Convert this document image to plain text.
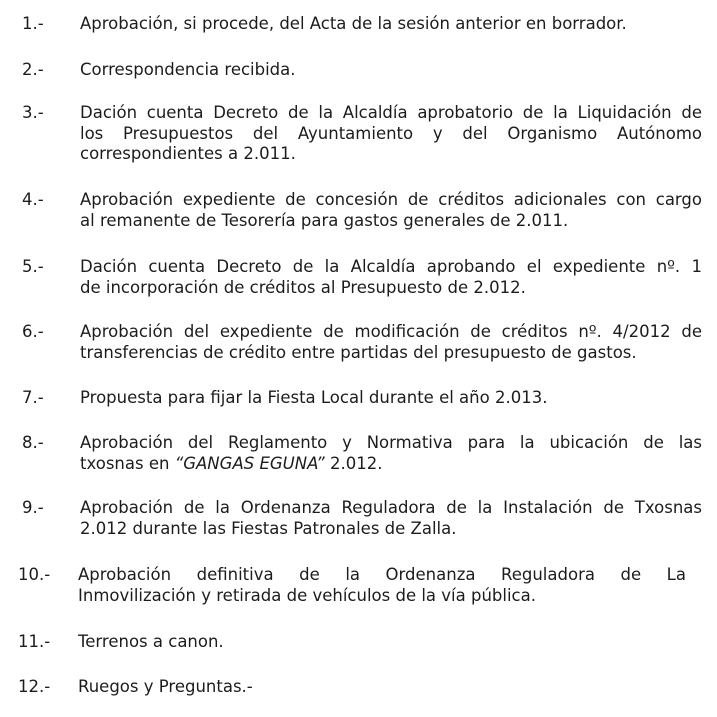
1.- Aprobación, si procede, del Acta de la sesión anterior en borrador.
2.- Correspondencia recibida.
3.- Dación cuenta Decreto de la Alcaldía aprobatorio de la Liquidación de
los Presupuestos del Ayuntamiento y del Organismo Autónomo
correspondientes a 2.011.
4.- Aprobación expediente de concesión de créditos adicionales con cargo
al remanente de Tesorería para gastos generales de 2.011.
5.- Dación cuenta Decreto de la Alcaldía aprobando el expediente nº. 1
de incorporación de créditos al Presupuesto de 2.012.
6.- Aprobación del expediente de modificación de créditos nº. 4/2012 de
transferencias de crédito entre partidas del presupuesto de gastos.
7.- Propuesta para fijar la Fiesta Local durante el año 2.013.
8.- Aprobación del Reglamento y Normativa para la ubicación de las
txosnas en “GANGAS EGUNA” 2.012.
9.- Aprobación de la Ordenanza Reguladora de la Instalación de Txosnas
2.012 durante las Fiestas Patronales de Zalla.
10.- Aprobación definitiva de la Ordenanza Reguladora de La
Inmovilización y retirada de vehículos de la vía pública.
11.- Terrenos a canon.
12.- Ruegos y Preguntas.-
